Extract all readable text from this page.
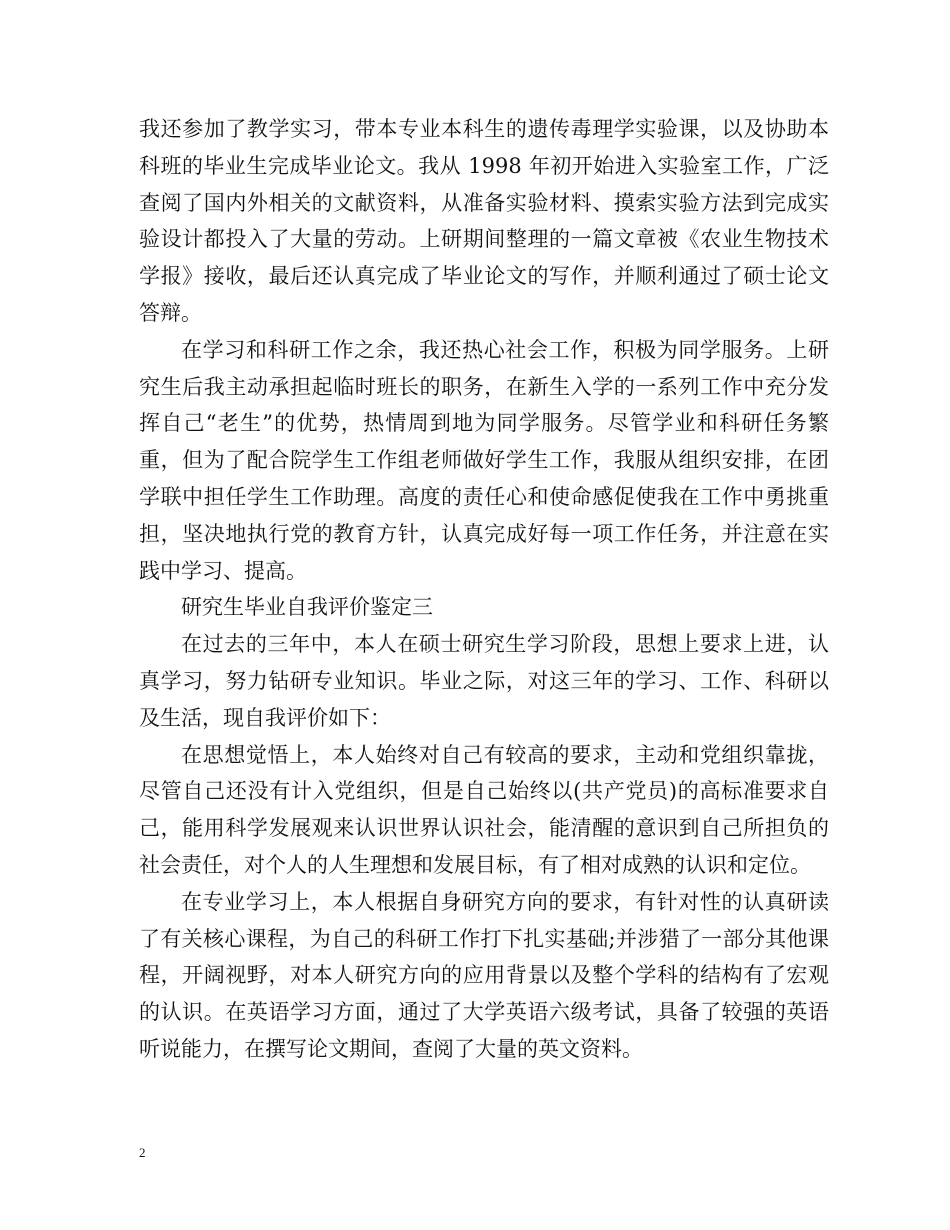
我还参加了教学实习，带本专业本科生的遗传毒理学实验课，以及协助本科班的毕业生完成毕业论文。我从 1998 年初开始进入实验室工作，广泛查阅了国内外相关的文献资料，从准备实验材料、摸索实验方法到完成实验设计都投入了大量的劳动。上研期间整理的一篇文章被《农业生物技术学报》接收，最后还认真完成了毕业论文的写作，并顺利通过了硕士论文答辩。

在学习和科研工作之余，我还热心社会工作，积极为同学服务。上研究生后我主动承担起临时班长的职务，在新生入学的一系列工作中充分发挥自己“老生”的优势，热情周到地为同学服务。尽管学业和科研任务繁重，但为了配合院学生工作组老师做好学生工作，我服从组织安排，在团学联中担任学生工作助理。高度的责任心和使命感促使我在工作中勇挑重担，坚决地执行党的教育方针，认真完成好每一项工作任务，并注意在实践中学习、提高。

研究生毕业自我评价鉴定三

在过去的三年中，本人在硕士研究生学习阶段，思想上要求上进，认真学习，努力钻研专业知识。毕业之际，对这三年的学习、工作、科研以及生活，现自我评价如下：

在思想觉悟上，本人始终对自己有较高的要求，主动和党组织靠拢，尽管自己还没有计入党组织，但是自己始终以(共产党员)的高标准要求自己，能用科学发展观来认识世界认识社会，能清醒的意识到自己所担负的社会责任，对个人的人生理想和发展目标，有了相对成熟的认识和定位。

在专业学习上，本人根据自身研究方向的要求，有针对性的认真研读了有关核心课程，为自己的科研工作打下扎实基础;并涉猎了一部分其他课程，开阔视野，对本人研究方向的应用背景以及整个学科的结构有了宏观的认识。在英语学习方面，通过了大学英语六级考试，具备了较强的英语听说能力，在撰写论文期间，查阅了大量的英文资料。

2
